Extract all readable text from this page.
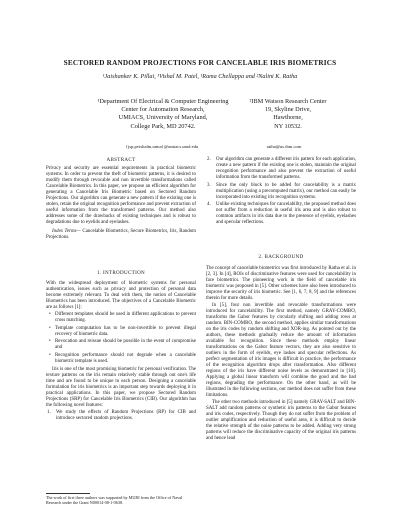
SECTORED RANDOM PROJECTIONS FOR CANCELABLE IRIS BIOMETRICS
¹Jaishanker K. Pillai, ¹Vishal M. Patel, ¹Rama Chellappa and ²Nalini K. Ratha
¹Department Of Electrical & Computer Engineering
Center for Automation Research,
UMIACS, University of Maryland,
College Park, MD 20742.
²IBM Watson Research Center
19, Skyline Drive,
Hawthorne,
NY 10532.
{jsp,pvishalm,rama}@umiacs.umd.edu	ratha@us.ibm.com
ABSTRACT

Privacy and security are essential requirements in practical biometric systems. In order to prevent the theft of biometric patterns, it is desired to modify them through revocable and non invertible transformations called Cancelable Biometrics. In this paper, we propose an efficient algorithm for generating a Cancelable Iris Biometric based on Sectored Random Projections. Our algorithm can generate a new pattern if the existing one is stolen, retain the original recognition performance and prevent extraction of useful information from the transformed patterns. Our method also addresses some of the drawbacks of existing techniques and is robust to degradations due to eyelids and eyelashes.

Index Terms— Cancelable Biometrics, Secure Biometrics, Iris, Random Projections.

1. INTRODUCTION

With the widespread deployment of biometric systems for personal authentication, issues such as privacy and protection of personal data become extremely relevant. To deal with them, the notion of Cancelable Biometrics has been introduced. The objectives of a Cancelable Biometric are as follows [1]:

• Different templates should be used in different applications to prevent cross matching.
• Template computation has to be non-invertible to prevent illegal recovery of biometric data.
• Revocation and reissue should be possible in the event of compromise and
• Recognition performance should not degrade when a cancelable biometric template is used.

Iris is one of the most promising biometric for personal verification. The texture patterns on the iris remain relatively stable through out one's life time and are found to be unique to each person. Designing a cancelable formulation for iris biometrics is an important step towards deploying it in practical applications. In this paper, we propose Sectored Random Projections (SRP) for Cancelable Iris Biometrics (CIB). Our algorithm has the following novel features:

1. We study the effects of Random Projections (RP) for CIB and introduce sectored random projections.
The work of first three authors was supported by MURI from the Office of Naval Research under the Grant N00014-08-1-0638.
2. Our algorithm can generate a different iris pattern for each application, create a new pattern if the existing one is stolen, maintain the original recognition performance and also prevent the extraction of useful information from the transformed patterns.
3. Since the only block to be added for cancelability is a matrix multiplication (using a precomputed matrix), our method can easily be incorporated into existing iris recognition systems.
4. Unlike existing techniques for cancelability, the proposed method does not suffer from a reduction in useful iris area and is also robust to common artifacts in iris data due to the presence of eyelids, eyelashes and specular reflections.
2. BACKGROUND

The concept of cancelable biometrics was first introduced by Ratha et al. in [2, 3]. In [4], ROIs of discriminative features were used for cancelability in face biometrics. The pioneering work in the field of cancelable iris biometric was proposed in [5]. Other schemes have also been introduced to improve the security of iris biometric. See [1, 6, 7, 8, 9] and the references therein for more details.

In [5], four non invertible and revocable transformations were introduced for cancelability. The first method, namely GRAY-COMBO, transforms the Gabor features by circularly shifting and adding rows at random. BIN-COMBO, the second method, applies similar transformations on the iris codes by random shifting and XOR-ing. As pointed out by the authors, these methods gradually reduce the amount of information available for recognition. Since these methods employ linear transformations on the Gabor feature vectors, they are also sensitive to outliers in the form of eyelids, eye lashes and specular reflections. As perfect segmentation of iris images is difficult in practice, the performance of the recognition algorithm drops after transformation. Also different regions of the iris have different noise levels as demonstrated in [10]. Applying a global linear transform will combine the good and the bad regions, degrading the performance. On the other hand, as will be illustrated in the following sections, our method does not suffer from these limitations.

The other two methods introduced in [5] namely GRAY-SALT and BIN-SALT add random patterns or synthetic iris patterns to the Gabor features and iris codes, respectively. Though they do not suffer from the problem of outlier amplification and reduction of useful area, it is difficult to decide the relative strength of the noise patterns to be added. Adding very strong patterns will reduce the discriminative capacity of the original iris patterns and hence lead
